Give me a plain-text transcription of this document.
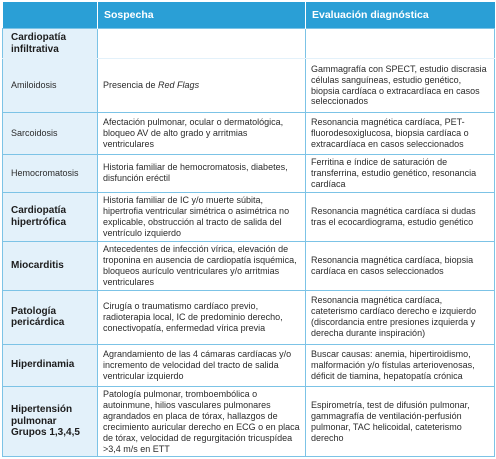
	Sospecha	Evaluación diagnóstica
Cardiopatía infiltrativa		
Amiloidosis	Presencia de Red Flags	Gammagrafía con SPECT, estudio discrasia células sanguíneas, estudio genético, biopsia cardíaca o extracardíaca en casos seleccionados
Sarcoidosis	Afectación pulmonar, ocular o dermatológica, bloqueo AV de alto grado y arritmias ventriculares	Resonancia magnética cardíaca, PET-fluorodesoxiglucosa, biopsia cardíaca o extracardíaca en casos seleccionados
Hemocromatosis	Historia familiar de hemocromatosis, diabetes, disfunción eréctil	Ferritina e índice de saturación de transferrina, estudio genético, resonancia cardíaca
Cardiopatía hipertrófica	Historia familiar de IC y/o muerte súbita, hipertrofia ventricular simétrica o asimétrica no explicable, obstrucción al tracto de salida del ventrículo izquierdo	Resonancia magnética cardíaca si dudas tras el ecocardiograma, estudio genético
Miocarditis	Antecedentes de infección vírica, elevación de troponina en ausencia de cardiopatía isquémica, bloqueos aurículo ventriculares y/o arritmias ventriculares	Resonancia magnética cardíaca, biopsia cardíaca en casos seleccionados
Patología pericárdica	Cirugía o traumatismo cardíaco previo, radioterapia local, IC de predominio derecho, conectivopatía, enfermedad vírica previa	Resonancia magnética cardíaca, cateterismo cardíaco derecho e izquierdo (discordancia entre presiones izquierda y derecha durante inspiración)
Hiperdinamia	Agrandamiento de las 4 cámaras cardíacas y/o incremento de velocidad del tracto de salida ventricular izquierdo	Buscar causas: anemia, hipertiroidismo, malformación y/o fístulas arteriovenosas, déficit de tiamina, hepatopatía crónica
Hipertensión pulmonar Grupos 1,3,4,5	Patología pulmonar, tromboembólica o autoinmune, hilios vasculares pulmonares agrandados en placa de tórax, hallazgos de crecimiento auricular derecho en ECG o en placa de tórax, velocidad de regurgitación tricuspídea >3,4 m/s en ETT	Espirometría, test de difusión pulmonar, gammagrafía de ventilación-perfusión pulmonar, TAC helicoidal, cateterismo derecho
